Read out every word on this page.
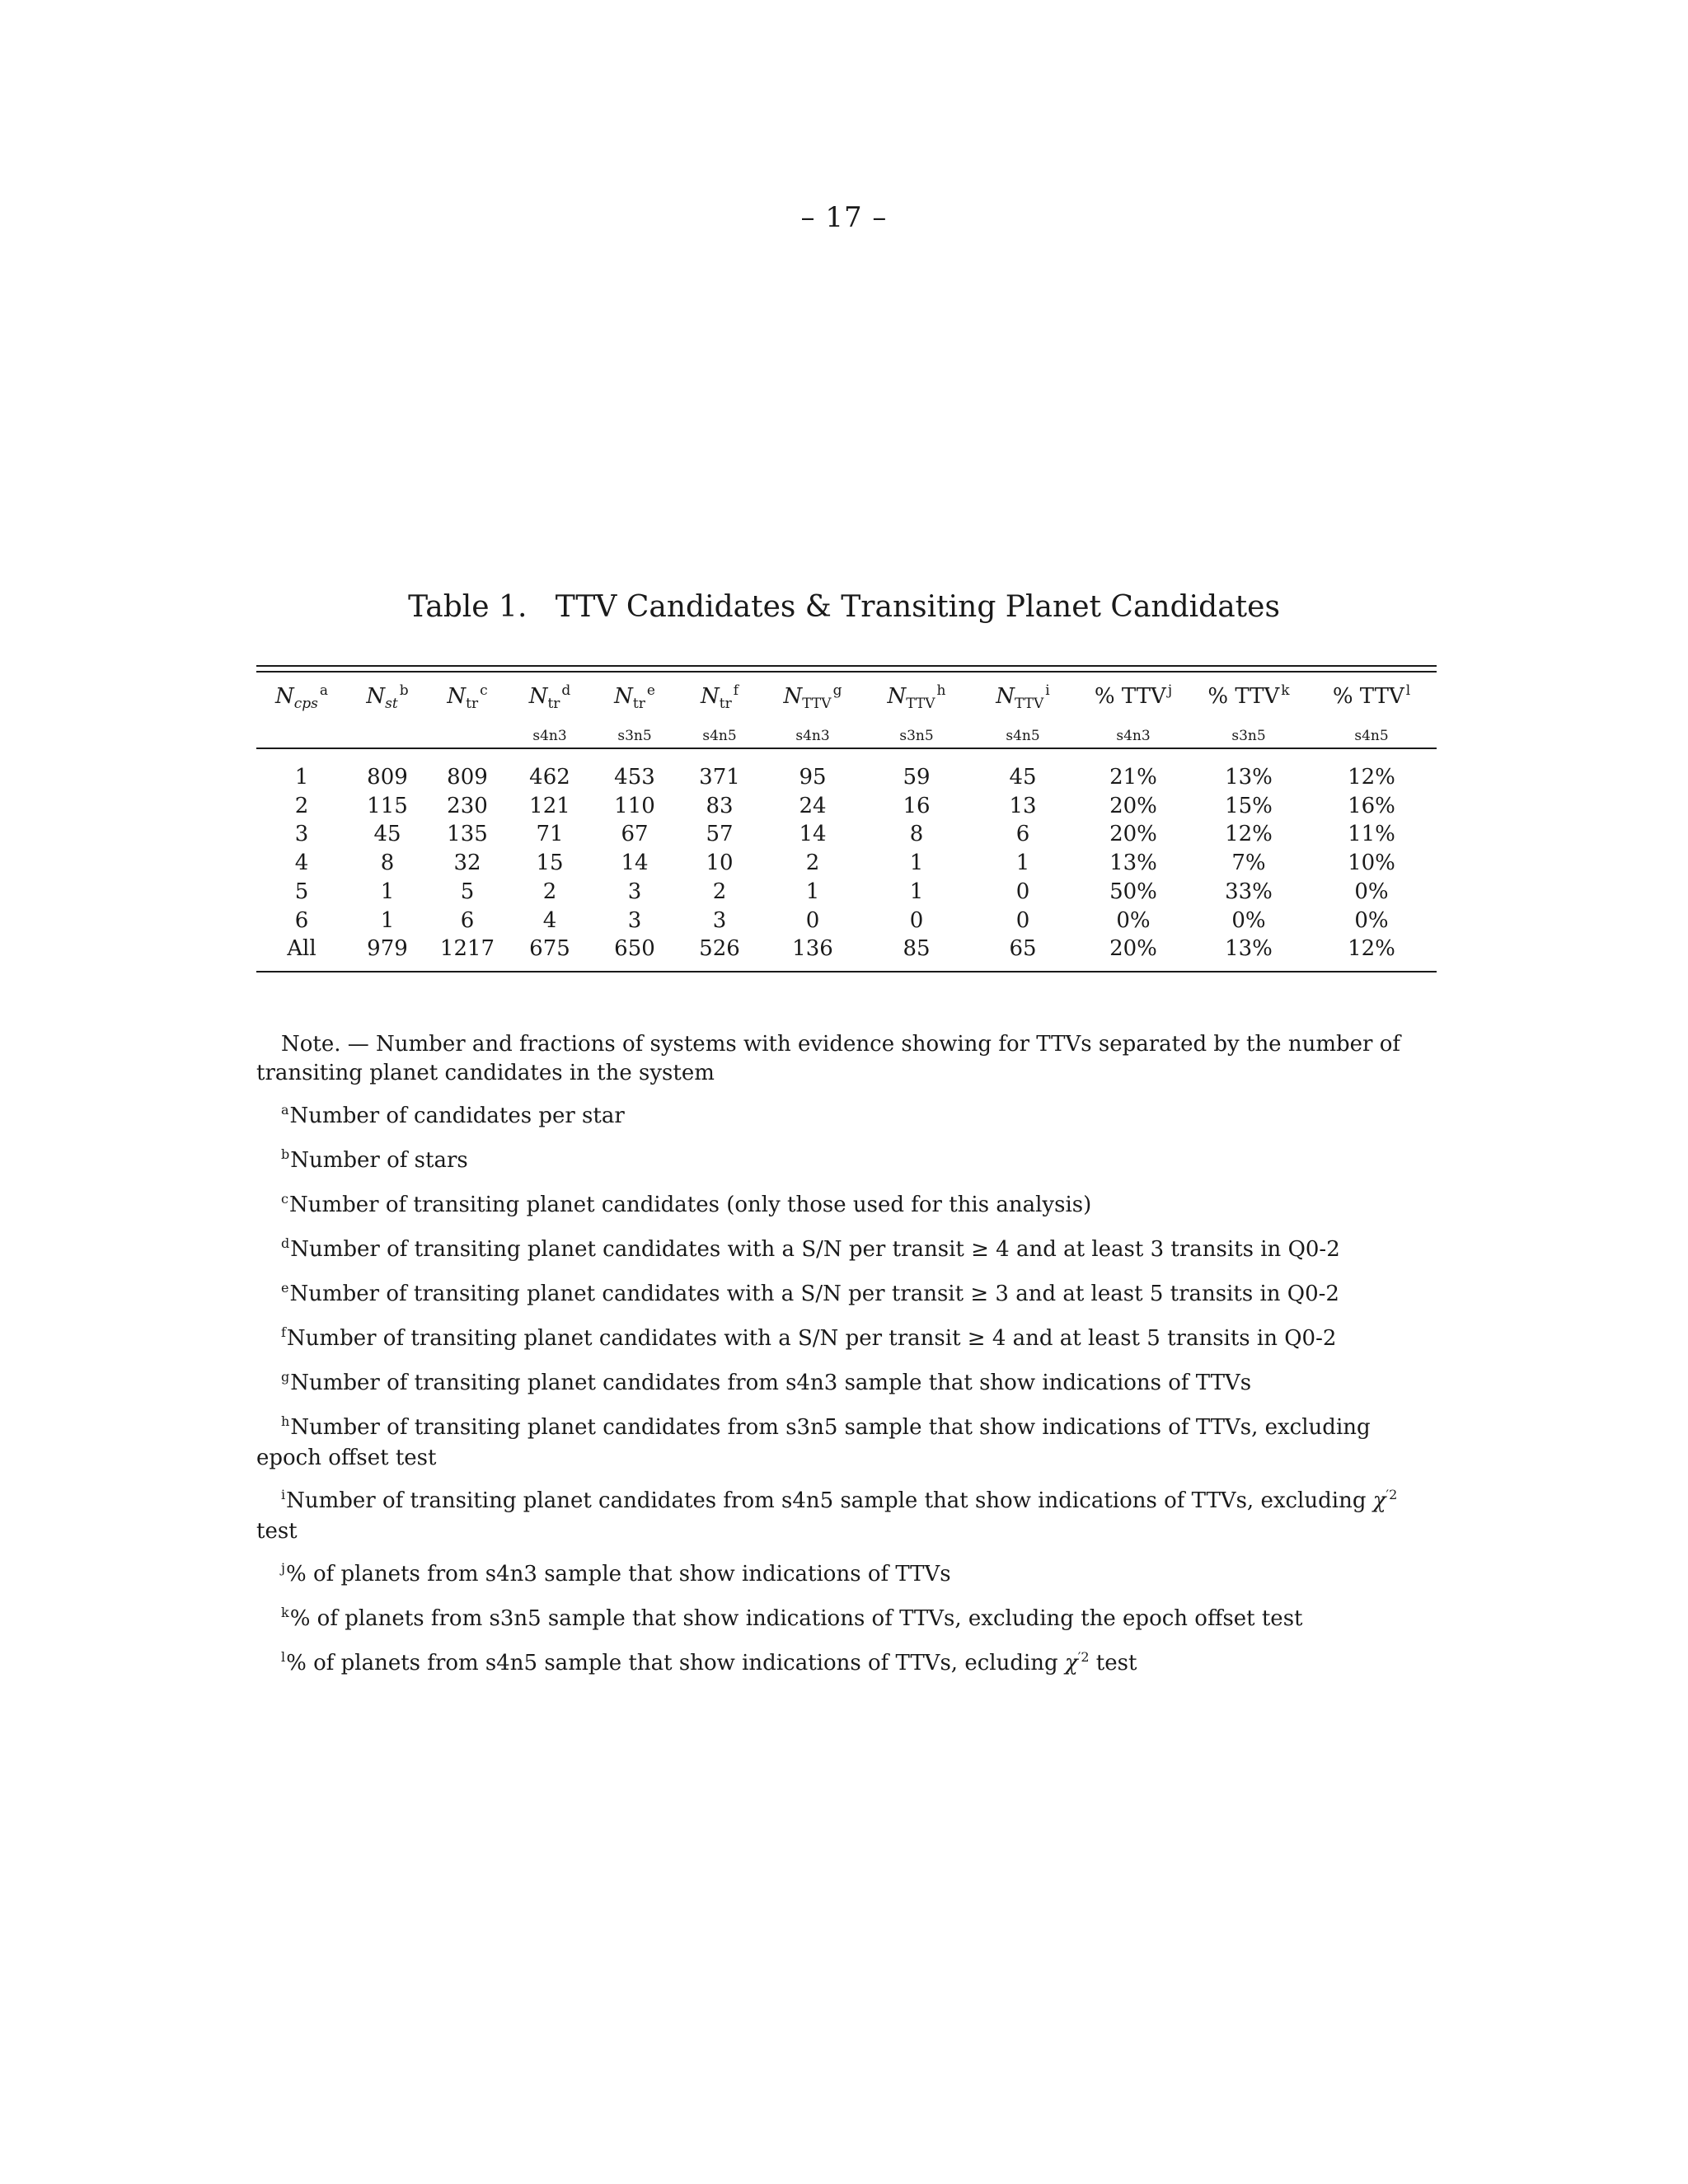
– 17 –
Table 1.   TTV Candidates & Transiting Planet Candidates
$N_{cps}^a$	$N_{st}^b$	$N_{tr}^c$	$N_{tr}^d$	$N_{tr}^e$	$N_{tr}^f$	$N_{TTV}^g$	$N_{TTV}^h$	$N_{TTV}^i$	% TTV $^j$	% TTV $^k$	% TTV $^l$
			s4n3	s3n5	s4n5	s4n3	s3n5	s4n5	s4n3	s3n5	s4n5

1	809	809	462	453	371	95	59	45	21%	13%	12%
2	115	230	121	110	83	24	16	13	20%	15%	16%
3	45	135	71	67	57	14	8	6	20%	12%	11%
4	8	32	15	14	10	2	1	1	13%	7%	10%
5	1	5	2	3	2	1	1	0	50%	33%	0%
6	1	6	4	3	3	0	0	0	0%	0%	0%
All	979	1217	675	650	526	136	85	65	20%	13%	12%

Note. — Number and fractions of systems with evidence showing for TTVs separated by the number of transiting planet candidates in the system

$^a$Number of candidates per star

$^b$Number of stars

$^c$Number of transiting planet candidates (only those used for this analysis)

$^d$Number of transiting planet candidates with a S/N per transit ≥ 4 and at least 3 transits in Q0-2

$^e$Number of transiting planet candidates with a S/N per transit ≥ 3 and at least 5 transits in Q0-2

$^f$Number of transiting planet candidates with a S/N per transit ≥ 4 and at least 5 transits in Q0-2

$^g$Number of transiting planet candidates from s4n3 sample that show indications of TTVs

$^h$Number of transiting planet candidates from s3n5 sample that show indications of TTVs, excluding epoch offset test

$^i$Number of transiting planet candidates from s4n5 sample that show indications of TTVs, excluding $\chi^{'2}$ test

$^j$% of planets from s4n3 sample that show indications of TTVs

$^k$% of planets from s3n5 sample that show indications of TTVs, excluding the epoch offset test

$^l$% of planets from s4n5 sample that show indications of TTVs, ecluding $\chi^{'2}$ test
